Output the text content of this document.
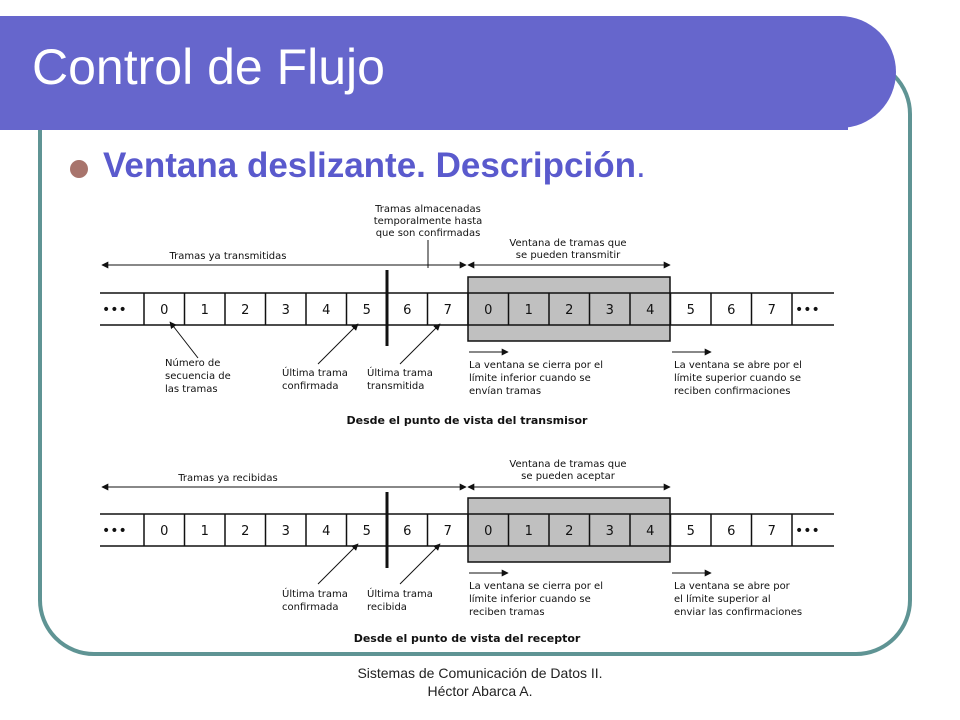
Control de Flujo
Ventana deslizante. Descripción.
Tramas almacenadas
temporalmente hasta
que son confirmadas
Tramas ya transmitidas
Ventana de tramas que
se pueden transmitir
•••	•••
0 1 2 3 4 5 6 7 0 1 2 3 4 5 6 7
Número de
secuencia de
las tramas
Última trama
confirmada
Última trama
transmitida
La ventana se cierra por el
límite inferior cuando se
envían tramas
La ventana se abre por el
límite superior cuando se
reciben confirmaciones
Desde el punto de vista del transmisor
Tramas ya recibidas
Ventana de tramas que
se pueden aceptar
•••	•••
0 1 2 3 4 5 6 7 0 1 2 3 4 5 6 7
Última trama
confirmada
Última trama
recibida
La ventana se cierra por el
límite inferior cuando se
reciben tramas
La ventana se abre por
el límite superior al
enviar las confirmaciones
Desde el punto de vista del receptor
Sistemas de Comunicación de Datos II.
Héctor Abarca A.
